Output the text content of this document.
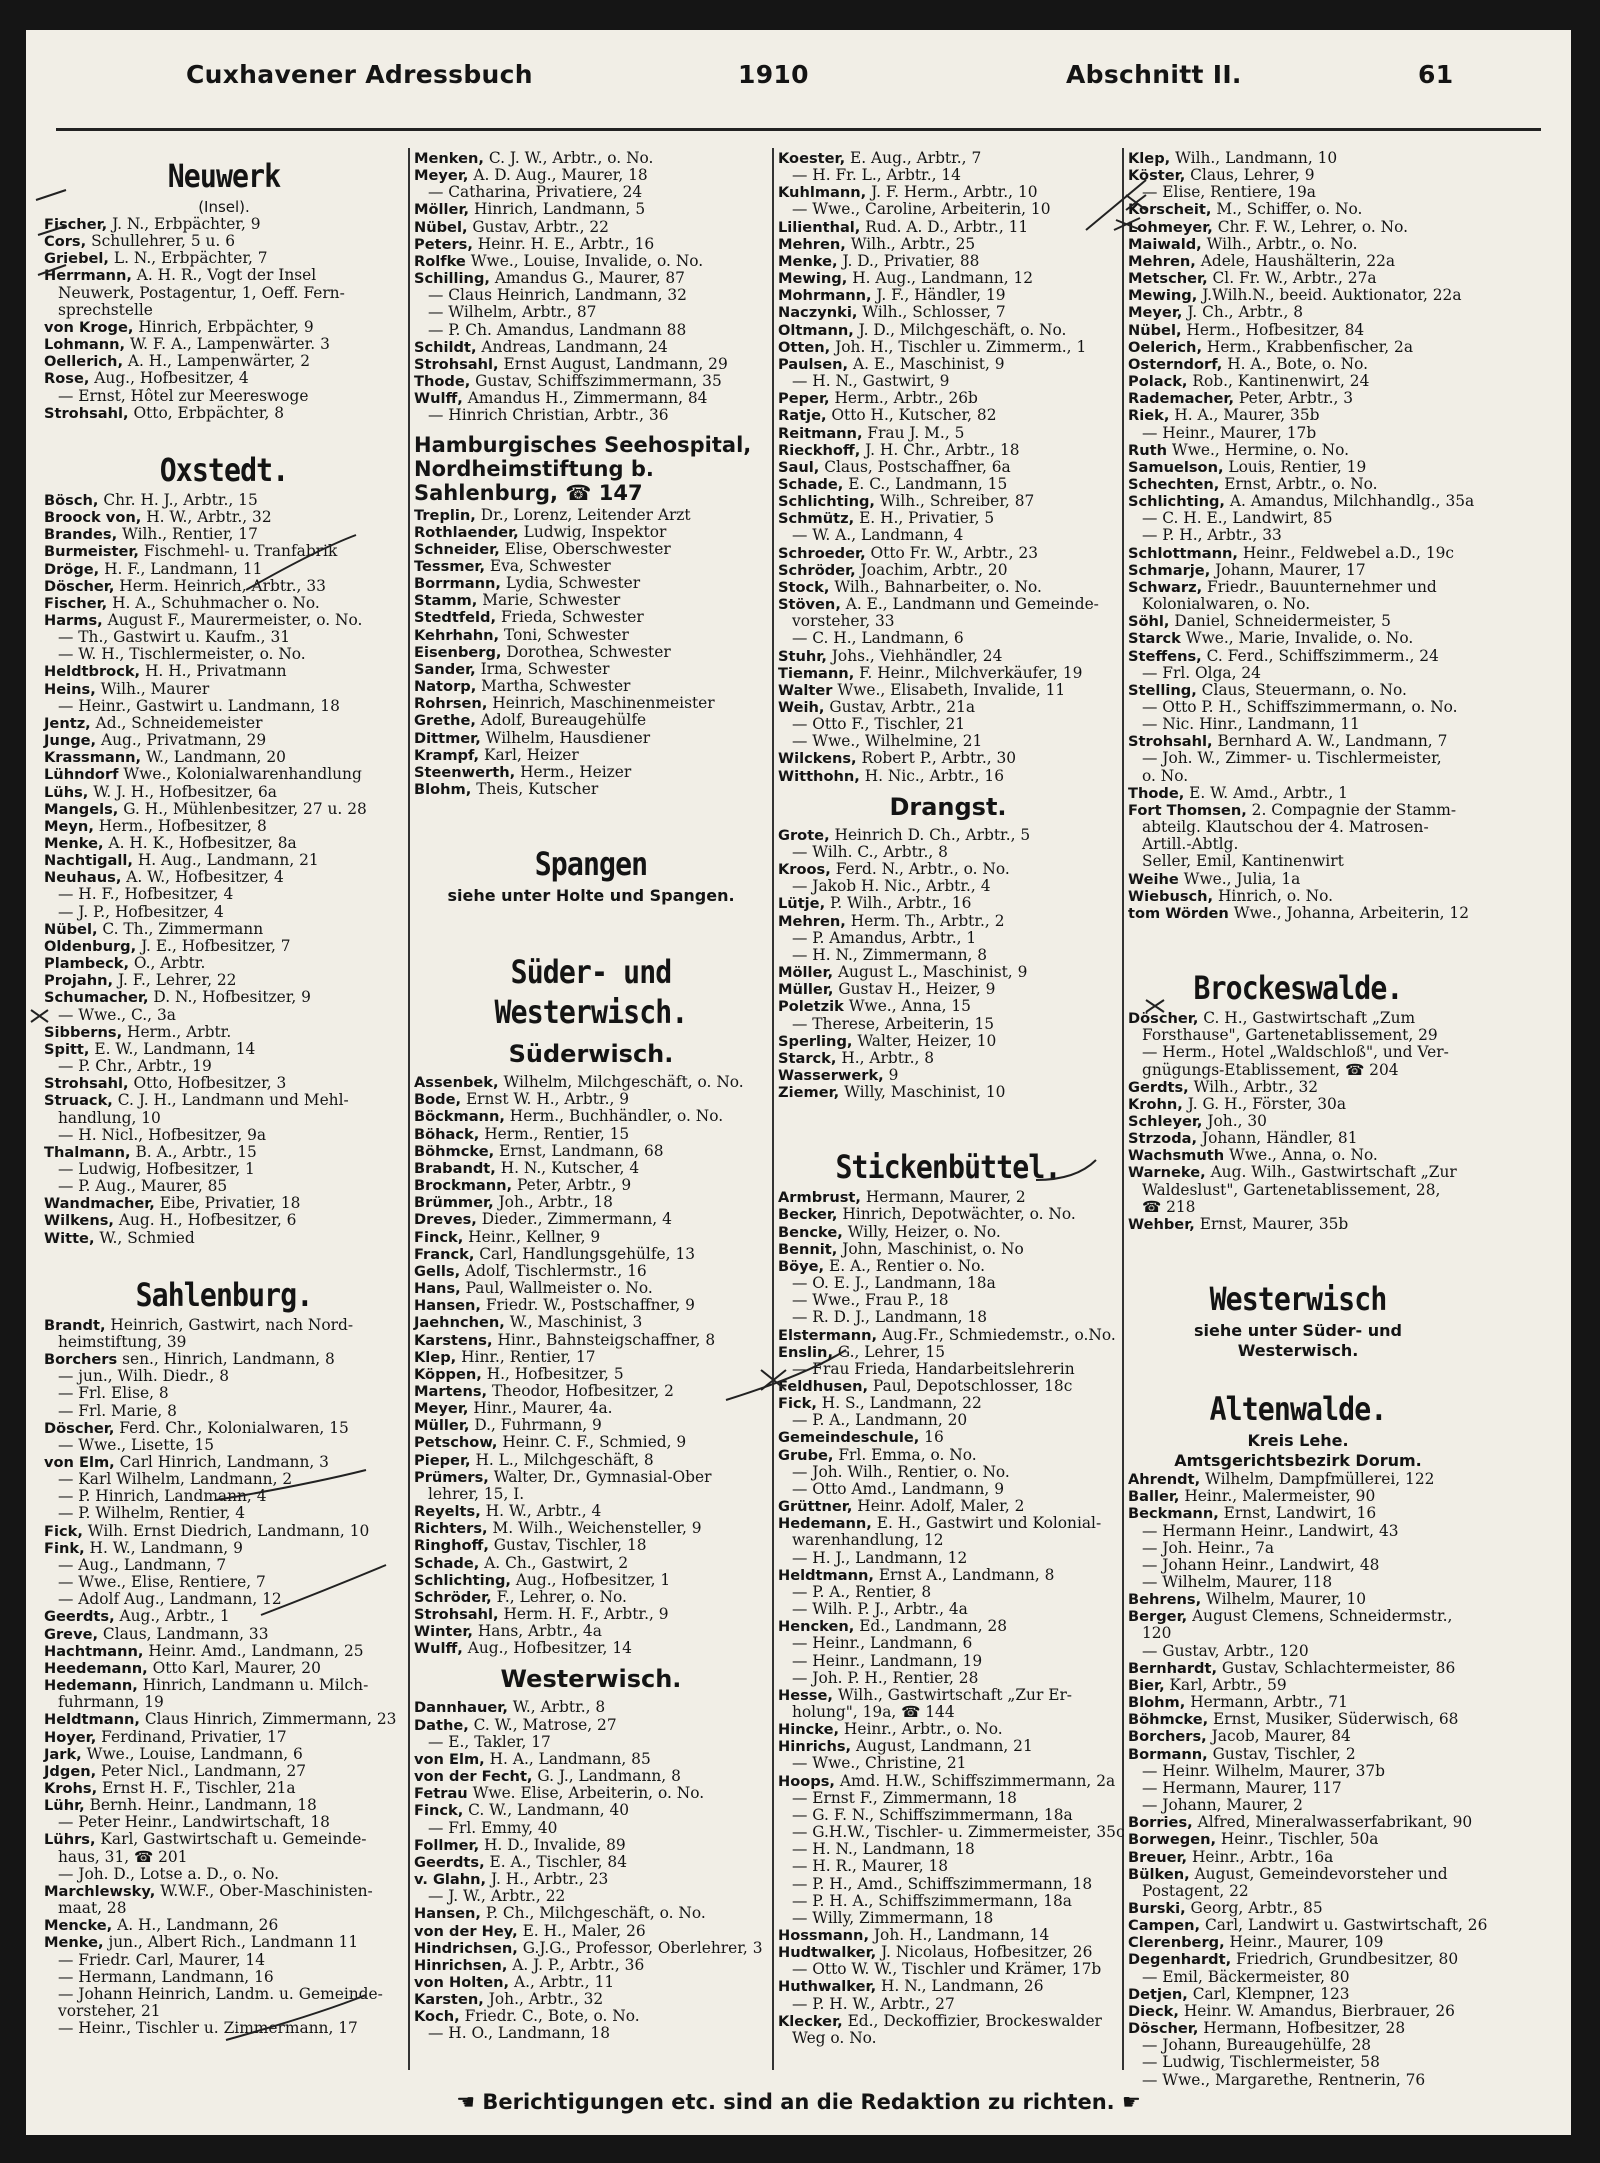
Cuxhavener Adressbuch	1910	Abschnitt II.	61
Neuwerk
(Insel).
Fischer, J. N., Erbpächter, 9
Cors, Schullehrer, 5 u. 6
Griebel, L. N., Erbpächter, 7
Herrmann, A. H. R., Vogt der Insel
Neuwerk, Postagentur, 1, Oeff. Fern-
sprechstelle
von Kroge, Hinrich, Erbpächter, 9
Lohmann, W. F. A., Lampenwärter. 3
Oellerich, A. H., Lampenwärter, 2
Rose, Aug., Hofbesitzer, 4
— Ernst, Hôtel zur Meereswoge
Strohsahl, Otto, Erbpächter, 8
Oxstedt.
Bösch, Chr. H. J., Arbtr., 15
Broock von, H. W., Arbtr., 32
Brandes, Wilh., Rentier, 17
Burmeister, Fischmehl- u. Tranfabrik
Dröge, H. F., Landmann, 11
Döscher, Herm. Heinrich, Arbtr., 33
Fischer, H. A., Schuhmacher o. No.
Harms, August F., Maurermeister, o. No.
— Th., Gastwirt u. Kaufm., 31
— W. H., Tischlermeister, o. No.
Heldtbrock, H. H., Privatmann
Heins, Wilh., Maurer
— Heinr., Gastwirt u. Landmann, 18
Jentz, Ad., Schneidemeister
Junge, Aug., Privatmann, 29
Krassmann, W., Landmann, 20
Lühndorf Wwe., Kolonialwarenhandlung
Lühs, W. J. H., Hofbesitzer, 6a
Mangels, G. H., Mühlenbesitzer, 27 u. 28
Meyn, Herm., Hofbesitzer, 8
Menke, A. H. K., Hofbesitzer, 8a
Nachtigall, H. Aug., Landmann, 21
Neuhaus, A. W., Hofbesitzer, 4
— H. F., Hofbesitzer, 4
— J. P., Hofbesitzer, 4
Nübel, C. Th., Zimmermann
Oldenburg, J. E., Hofbesitzer, 7
Plambeck, O., Arbtr.
Projahn, J. F., Lehrer, 22
Schumacher, D. N., Hofbesitzer, 9
— Wwe., C., 3a
Sibberns, Herm., Arbtr.
Spitt, E. W., Landmann, 14
— P. Chr., Arbtr., 19
Strohsahl, Otto, Hofbesitzer, 3
Struack, C. J. H., Landmann und Mehl-
handlung, 10
— H. Nicl., Hofbesitzer, 9a
Thalmann, B. A., Arbtr., 15
— Ludwig, Hofbesitzer, 1
— P. Aug., Maurer, 85
Wandmacher, Eibe, Privatier, 18
Wilkens, Aug. H., Hofbesitzer, 6
Witte, W., Schmied
Sahlenburg.
Brandt, Heinrich, Gastwirt, nach Nord-
heimstiftung, 39
Borchers sen., Hinrich, Landmann, 8
— jun., Wilh. Diedr., 8
— Frl. Elise, 8
— Frl. Marie, 8
Döscher, Ferd. Chr., Kolonialwaren, 15
— Wwe., Lisette, 15
von Elm, Carl Hinrich, Landmann, 3
— Karl Wilhelm, Landmann, 2
— P. Hinrich, Landmann, 4
— P. Wilhelm, Rentier, 4
Fick, Wilh. Ernst Diedrich, Landmann, 10
Fink, H. W., Landmann, 9
— Aug., Landmann, 7
— Wwe., Elise, Rentiere, 7
— Adolf Aug., Landmann, 12
Geerdts, Aug., Arbtr., 1
Greve, Claus, Landmann, 33
Hachtmann, Heinr. Amd., Landmann, 25
Heedemann, Otto Karl, Maurer, 20
Hedemann, Hinrich, Landmann u. Milch-
fuhrmann, 19
Heldtmann, Claus Hinrich, Zimmermann, 23
Hoyer, Ferdinand, Privatier, 17
Jark, Wwe., Louise, Landmann, 6
Jdgen, Peter Nicl., Landmann, 27
Krohs, Ernst H. F., Tischler, 21a
Lühr, Bernh. Heinr., Landmann, 18
— Peter Heinr., Landwirtschaft, 18
Lührs, Karl, Gastwirtschaft u. Gemeinde-
haus, 31, ☎ 201
— Joh. D., Lotse a. D., o. No.
Marchlewsky, W.W.F., Ober-Maschinisten-
maat, 28
Mencke, A. H., Landmann, 26
Menke, jun., Albert Rich., Landmann 11
— Friedr. Carl, Maurer, 14
— Hermann, Landmann, 16
— Johann Heinrich, Landm. u. Gemeinde-
vorsteher, 21
— Heinr., Tischler u. Zimmermann, 17
Menken, C. J. W., Arbtr., o. No.
Meyer, A. D. Aug., Maurer, 18
— Catharina, Privatiere, 24
Möller, Hinrich, Landmann, 5
Nübel, Gustav, Arbtr., 22
Peters, Heinr. H. E., Arbtr., 16
Rolfke Wwe., Louise, Invalide, o. No.
Schilling, Amandus G., Maurer, 87
— Claus Heinrich, Landmann, 32
— Wilhelm, Arbtr., 87
— P. Ch. Amandus, Landmann 88
Schildt, Andreas, Landmann, 24
Strohsahl, Ernst August, Landmann, 29
Thode, Gustav, Schiffszimmermann, 35
Wulff, Amandus H., Zimmermann, 84
— Hinrich Christian, Arbtr., 36
Hamburgisches Seehospital, Nordheimstiftung b. Sahlenburg, ☎ 147
Treplin, Dr., Lorenz, Leitender Arzt
Rothlaender, Ludwig, Inspektor
Schneider, Elise, Oberschwester
Tessmer, Eva, Schwester
Borrmann, Lydia, Schwester
Stamm, Marie, Schwester
Stedtfeld, Frieda, Schwester
Kehrhahn, Toni, Schwester
Eisenberg, Dorothea, Schwester
Sander, Irma, Schwester
Natorp, Martha, Schwester
Rohrsen, Heinrich, Maschinenmeister
Grethe, Adolf, Bureaugehülfe
Dittmer, Wilhelm, Hausdiener
Krampf, Karl, Heizer
Steenwerth, Herm., Heizer
Blohm, Theis, Kutscher
Spangen
siehe unter Holte und Spangen.
Süder- und Westerwisch.
Süderwisch.
Assenbek, Wilhelm, Milchgeschäft, o. No.
Bode, Ernst W. H., Arbtr., 9
Böckmann, Herm., Buchhändler, o. No.
Böhack, Herm., Rentier, 15
Böhmcke, Ernst, Landmann, 68
Brabandt, H. N., Kutscher, 4
Brockmann, Peter, Arbtr., 9
Brümmer, Joh., Arbtr., 18
Dreves, Dieder., Zimmermann, 4
Finck, Heinr., Kellner, 9
Franck, Carl, Handlungsgehülfe, 13
Gells, Adolf, Tischlermstr., 16
Hans, Paul, Wallmeister o. No.
Hansen, Friedr. W., Postschaffner, 9
Jaehnchen, W., Maschinist, 3
Karstens, Hinr., Bahnsteigschaffner, 8
Klep, Hinr., Rentier, 17
Köppen, H., Hofbesitzer, 5
Martens, Theodor, Hofbesitzer, 2
Meyer, Hinr., Maurer, 4a.
Müller, D., Fuhrmann, 9
Petschow, Heinr. C. F., Schmied, 9
Pieper, H. L., Milchgeschäft, 8
Prümers, Walter, Dr., Gymnasial-Ober
lehrer, 15, I.
Reyelts, H. W., Arbtr., 4
Richters, M. Wilh., Weichensteller, 9
Ringhoff, Gustav, Tischler, 18
Schade, A. Ch., Gastwirt, 2
Schlichting, Aug., Hofbesitzer, 1
Schröder, F., Lehrer, o. No.
Strohsahl, Herm. H. F., Arbtr., 9
Winter, Hans, Arbtr., 4a
Wulff, Aug., Hofbesitzer, 14
Westerwisch.
Dannhauer, W., Arbtr., 8
Dathe, C. W., Matrose, 27
— E., Takler, 17
von Elm, H. A., Landmann, 85
von der Fecht, G. J., Landmann, 8
Fetrau Wwe. Elise, Arbeiterin, o. No.
Finck, C. W., Landmann, 40
— Frl. Emmy, 40
Follmer, H. D., Invalide, 89
Geerdts, E. A., Tischler, 84
v. Glahn, J. H., Arbtr., 23
— J. W., Arbtr., 22
Hansen, P. Ch., Milchgeschäft, o. No.
von der Hey, E. H., Maler, 26
Hindrichsen, G.J.G., Professor, Oberlehrer, 3
Hinrichsen, A. J. P., Arbtr., 36
von Holten, A., Arbtr., 11
Karsten, Joh., Arbtr., 32
Koch, Friedr. C., Bote, o. No.
— H. O., Landmann, 18
Koester, E. Aug., Arbtr., 7
— H. Fr. L., Arbtr., 14
Kuhlmann, J. F. Herm., Arbtr., 10
— Wwe., Caroline, Arbeiterin, 10
Lilienthal, Rud. A. D., Arbtr., 11
Mehren, Wilh., Arbtr., 25
Menke, J. D., Privatier, 88
Mewing, H. Aug., Landmann, 12
Mohrmann, J. F., Händler, 19
Naczynki, Wilh., Schlosser, 7
Oltmann, J. D., Milchgeschäft, o. No.
Otten, Joh. H., Tischler u. Zimmerm., 1
Paulsen, A. E., Maschinist, 9
— H. N., Gastwirt, 9
Peper, Herm., Arbtr., 26b
Ratje, Otto H., Kutscher, 82
Reitmann, Frau J. M., 5
Rieckhoff, J. H. Chr., Arbtr., 18
Saul, Claus, Postschaffner, 6a
Schade, E. C., Landmann, 15
Schlichting, Wilh., Schreiber, 87
Schmütz, E. H., Privatier, 5
— W. A., Landmann, 4
Schroeder, Otto Fr. W., Arbtr., 23
Schröder, Joachim, Arbtr., 20
Stock, Wilh., Bahnarbeiter, o. No.
Stöven, A. E., Landmann und Gemeinde-
vorsteher, 33
— C. H., Landmann, 6
Stuhr, Johs., Viehhändler, 24
Tiemann, F. Heinr., Milchverkäufer, 19
Walter Wwe., Elisabeth, Invalide, 11
Weih, Gustav, Arbtr., 21a
— Otto F., Tischler, 21
— Wwe., Wilhelmine, 21
Wilckens, Robert P., Arbtr., 30
Witthohn, H. Nic., Arbtr., 16
Drangst.
Grote, Heinrich D. Ch., Arbtr., 5
— Wilh. C., Arbtr., 8
Kroos, Ferd. N., Arbtr., o. No.
— Jakob H. Nic., Arbtr., 4
Lütje, P. Wilh., Arbtr., 16
Mehren, Herm. Th., Arbtr., 2
— P. Amandus, Arbtr., 1
— H. N., Zimmermann, 8
Möller, August L., Maschinist, 9
Müller, Gustav H., Heizer, 9
Poletzik Wwe., Anna, 15
— Therese, Arbeiterin, 15
Sperling, Walter, Heizer, 10
Starck, H., Arbtr., 8
Wasserwerk, 9
Ziemer, Willy, Maschinist, 10
Stickenbüttel.
Armbrust, Hermann, Maurer, 2
Becker, Hinrich, Depotwächter, o. No.
Bencke, Willy, Heizer, o. No.
Bennit, John, Maschinist, o. No
Böye, E. A., Rentier o. No.
— O. E. J., Landmann, 18a
— Wwe., Frau P., 18
— R. D. J., Landmann, 18
Elstermann, Aug.Fr., Schmiedemstr., o.No.
Enslin, G., Lehrer, 15
— Frau Frieda, Handarbeitslehrerin
Feldhusen, Paul, Depotschlosser, 18c
Fick, H. S., Landmann, 22
— P. A., Landmann, 20
Gemeindeschule, 16
Grube, Frl. Emma, o. No.
— Joh. Wilh., Rentier, o. No.
— Otto Amd., Landmann, 9
Grüttner, Heinr. Adolf, Maler, 2
Hedemann, E. H., Gastwirt und Kolonial-
warenhandlung, 12
— H. J., Landmann, 12
Heldtmann, Ernst A., Landmann, 8
— P. A., Rentier, 8
— Wilh. P. J., Arbtr., 4a
Hencken, Ed., Landmann, 28
— Heinr., Landmann, 6
— Heinr., Landmann, 19
— Joh. P. H., Rentier, 28
Hesse, Wilh., Gastwirtschaft „Zur Er-
holung", 19a, ☎ 144
Hincke, Heinr., Arbtr., o. No.
Hinrichs, August, Landmann, 21
— Wwe., Christine, 21
Hoops, Amd. H.W., Schiffszimmermann, 2a
— Ernst F., Zimmermann, 18
— G. F. N., Schiffszimmermann, 18a
— G.H.W., Tischler- u. Zimmermeister, 35c
— H. N., Landmann, 18
— H. R., Maurer, 18
— P. H., Amd., Schiffszimmermann, 18
— P. H. A., Schiffszimmermann, 18a
— Willy, Zimmermann, 18
Hossmann, Joh. H., Landmann, 14
Hudtwalker, J. Nicolaus, Hofbesitzer, 26
— Otto W. W., Tischler und Krämer, 17b
Huthwalker, H. N., Landmann, 26
— P. H. W., Arbtr., 27
Klecker, Ed., Deckoffizier, Brockeswalder
Weg o. No.
Klep, Wilh., Landmann, 10
Köster, Claus, Lehrer, 9
— Elise, Rentiere, 19a
Korscheit, M., Schiffer, o. No.
Lohmeyer, Chr. F. W., Lehrer, o. No.
Maiwald, Wilh., Arbtr., o. No.
Mehren, Adele, Haushälterin, 22a
Metscher, Cl. Fr. W., Arbtr., 27a
Mewing, J.Wilh.N., beeid. Auktionator, 22a
Meyer, J. Ch., Arbtr., 8
Nübel, Herm., Hofbesitzer, 84
Oelerich, Herm., Krabbenfischer, 2a
Osterndorf, H. A., Bote, o. No.
Polack, Rob., Kantinenwirt, 24
Rademacher, Peter, Arbtr., 3
Riek, H. A., Maurer, 35b
— Heinr., Maurer, 17b
Ruth Wwe., Hermine, o. No.
Samuelson, Louis, Rentier, 19
Schechten, Ernst, Arbtr., o. No.
Schlichting, A. Amandus, Milchhandlg., 35a
— C. H. E., Landwirt, 85
— P. H., Arbtr., 33
Schlottmann, Heinr., Feldwebel a.D., 19c
Schmarje, Johann, Maurer, 17
Schwarz, Friedr., Bauunternehmer und
Kolonialwaren, o. No.
Söhl, Daniel, Schneidermeister, 5
Starck Wwe., Marie, Invalide, o. No.
Steffens, C. Ferd., Schiffszimmerm., 24
— Frl. Olga, 24
Stelling, Claus, Steuermann, o. No.
— Otto P. H., Schiffszimmermann, o. No.
— Nic. Hinr., Landmann, 11
Strohsahl, Bernhard A. W., Landmann, 7
— Joh. W., Zimmer- u. Tischlermeister,
o. No.
Thode, E. W. Amd., Arbtr., 1
Fort Thomsen, 2. Compagnie der Stamm-
abteilg. Klautschou der 4. Matrosen-
Artill.-Abtlg.
Seller, Emil, Kantinenwirt
Weihe Wwe., Julia, 1a
Wiebusch, Hinrich, o. No.
tom Wörden Wwe., Johanna, Arbeiterin, 12
Brockeswalde.
Döscher, C. H., Gastwirtschaft „Zum
Forsthause", Gartenetablissement, 29
— Herm., Hotel „Waldschloß", und Ver-
gnügungs-Etablissement, ☎ 204
Gerdts, Wilh., Arbtr., 32
Krohn, J. G. H., Förster, 30a
Schleyer, Joh., 30
Strzoda, Johann, Händler, 81
Wachsmuth Wwe., Anna, o. No.
Warneke, Aug. Wilh., Gastwirtschaft „Zur
Waldeslust", Gartenetablissement, 28,
☎ 218
Wehber, Ernst, Maurer, 35b
Westerwisch
siehe unter Süder- und
Westerwisch.
Altenwalde.
Kreis Lehe.
Amtsgerichtsbezirk Dorum.
Ahrendt, Wilhelm, Dampfmüllerei, 122
Baller, Heinr., Malermeister, 90
Beckmann, Ernst, Landwirt, 16
— Hermann Heinr., Landwirt, 43
— Joh. Heinr., 7a
— Johann Heinr., Landwirt, 48
— Wilhelm, Maurer, 118
Behrens, Wilhelm, Maurer, 10
Berger, August Clemens, Schneidermstr.,
120
— Gustav, Arbtr., 120
Bernhardt, Gustav, Schlachtermeister, 86
Bier, Karl, Arbtr., 59
Blohm, Hermann, Arbtr., 71
Böhmcke, Ernst, Musiker, Süderwisch, 68
Borchers, Jacob, Maurer, 84
Bormann, Gustav, Tischler, 2
— Heinr. Wilhelm, Maurer, 37b
— Hermann, Maurer, 117
— Johann, Maurer, 2
Borries, Alfred, Mineralwasserfabrikant, 90
Borwegen, Heinr., Tischler, 50a
Breuer, Heinr., Arbtr., 16a
Bülken, August, Gemeindevorsteher und
Postagent, 22
Burski, Georg, Arbtr., 85
Campen, Carl, Landwirt u. Gastwirtschaft, 26
Clerenberg, Heinr., Maurer, 109
Degenhardt, Friedrich, Grundbesitzer, 80
— Emil, Bäckermeister, 80
Detjen, Carl, Klempner, 123
Dieck, Heinr. W. Amandus, Bierbrauer, 26
Döscher, Hermann, Hofbesitzer, 28
— Johann, Bureaugehülfe, 28
— Ludwig, Tischlermeister, 58
— Wwe., Margarethe, Rentnerin, 76
☚ Berichtigungen etc. sind an die Redaktion zu richten. ☛
